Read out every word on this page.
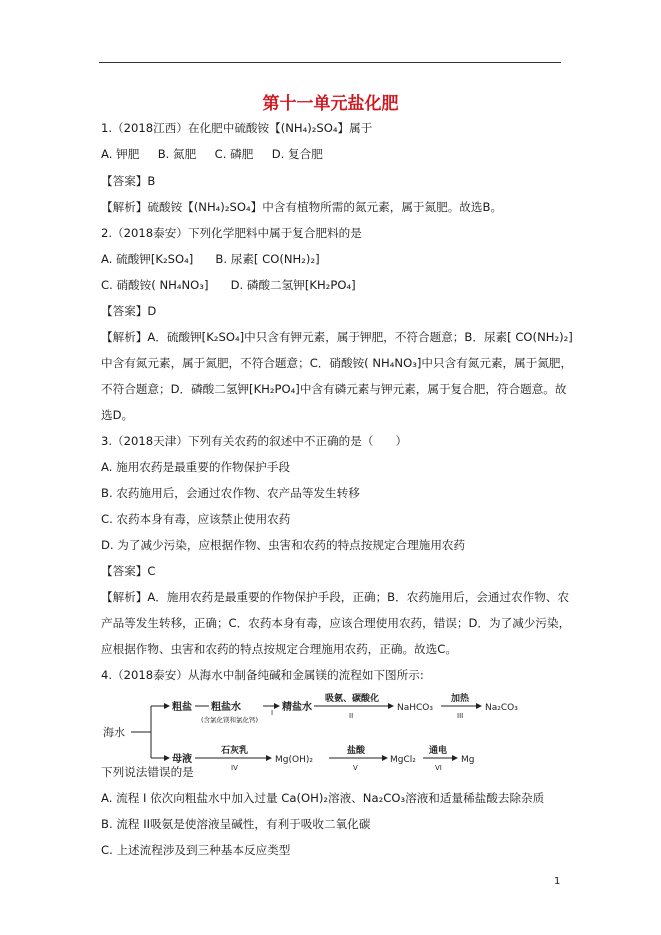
第十一单元盐化肥
1.（2018江西）在化肥中硫酸铵【(NH₄)₂SO₄】属于
A. 钾肥     B. 氮肥     C. 磷肥     D. 复合肥
【答案】B
【解析】硫酸铵【(NH₄)₂SO₄】中含有植物所需的氮元素，属于氮肥。故选B。
2.（2018泰安）下列化学肥料中属于复合肥料的是
A. 硫酸钾[K₂SO₄]      B. 尿素[ CO(NH₂)₂]
C. 硝酸铵( NH₄NO₃]      D. 磷酸二氢钾[KH₂PO₄]
【答案】D
【解析】A．硫酸钾[K₂SO₄]中只含有钾元素，属于钾肥，不符合题意；B．尿素[ CO(NH₂)₂]
中含有氮元素，属于氮肥，不符合题意；C．硝酸铵( NH₄NO₃]中只含有氮元素，属于氮肥，
不符合题意；D．磷酸二氢钾[KH₂PO₄]中含有磷元素与钾元素，属于复合肥，符合题意。故
选D。
3.（2018天津）下列有关农药的叙述中不正确的是（      ）
A. 施用农药是最重要的作物保护手段
B. 农药施用后，会通过农作物、农产品等发生转移
C. 农药本身有毒，应该禁止使用农药
D. 为了减少污染，应根据作物、虫害和农药的特点按规定合理施用农药
【答案】C
【解析】A．施用农药是最重要的作物保护手段，正确；B．农药施用后，会通过农作物、农
产品等发生转移，正确；C．农药本身有毒，应该合理使用农药，错误；D．为了减少污染，
应根据作物、虫害和农药的特点按规定合理施用农药，正确。故选C。
4.（2018泰安）从海水中制备纯碱和金属镁的流程如下图所示:
海水
粗盐 粗盐水
(含氯化镁和氯化钙)
I 精盐水
吸氨、碳酸化
II
NaHCO₃
加热
III
Na₂CO₃
母液
石灰乳
IV
Mg(OH)₂
盐酸
V
MgCl₂
通电
VI
Mg
下列说法错误的是
A. 流程 I 依次向粗盐水中加入过量 Ca(OH)₂溶液、Na₂CO₃溶液和适量稀盐酸去除杂质
B. 流程 II吸氨是使溶液呈碱性，有利于吸收二氧化碳
C. 上述流程涉及到三种基本反应类型
1
